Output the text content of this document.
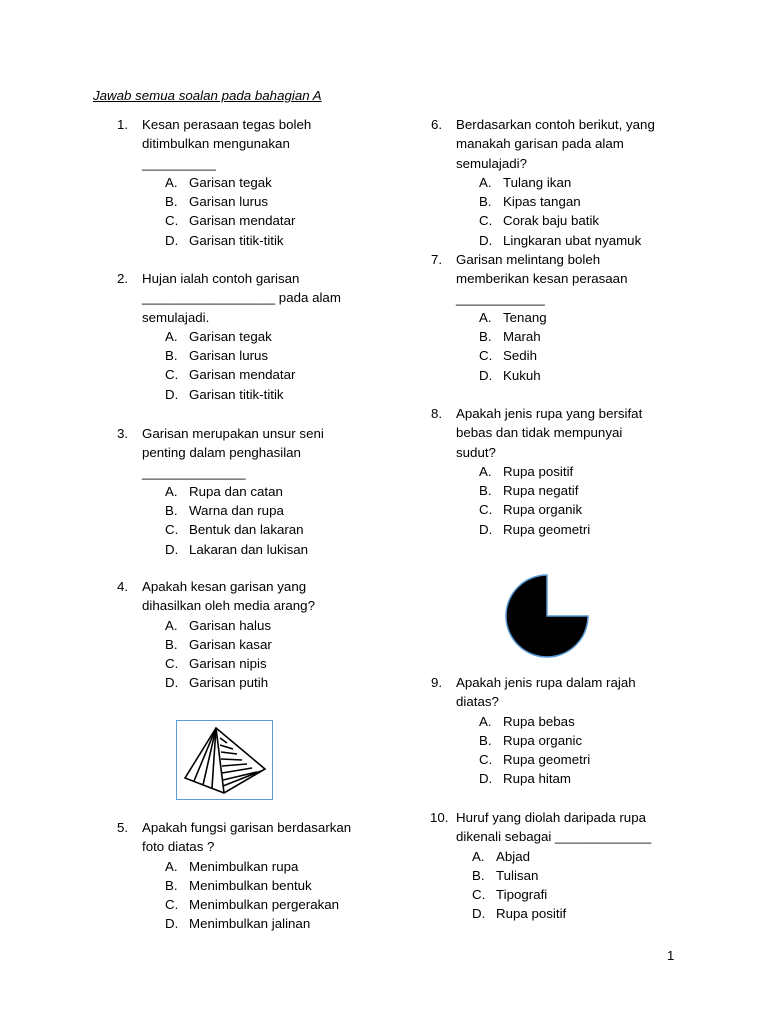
Jawab semua soalan pada bahagian A
1. Kesan perasaan tegas boleh
ditimbulkan mengunakan
__________
A. Garisan tegak
B. Garisan lurus
C. Garisan mendatar
D. Garisan titik-titik
2. Hujan ialah contoh garisan
__________________ pada alam
semulajadi.
A. Garisan tegak
B. Garisan lurus
C. Garisan mendatar
D. Garisan titik-titik
3. Garisan merupakan unsur seni
penting dalam penghasilan
______________
A. Rupa dan catan
B. Warna dan rupa
C. Bentuk dan lakaran
D. Lakaran dan lukisan
4. Apakah kesan garisan yang
dihasilkan oleh media arang?
A. Garisan halus
B. Garisan kasar
C. Garisan nipis
D. Garisan putih
5. Apakah fungsi garisan berdasarkan
foto diatas ?
A. Menimbulkan rupa
B. Menimbulkan bentuk
C. Menimbulkan pergerakan
D. Menimbulkan jalinan
6. Berdasarkan contoh berikut, yang
manakah garisan pada alam
semulajadi?
A. Tulang ikan
B. Kipas tangan
C. Corak baju batik
D. Lingkaran ubat nyamuk
7. Garisan melintang boleh
memberikan kesan perasaan
____________
A. Tenang
B. Marah
C. Sedih
D. Kukuh
8. Apakah jenis rupa yang bersifat
bebas dan tidak mempunyai
sudut?
A. Rupa positif
B. Rupa negatif
C. Rupa organik
D. Rupa geometri
9. Apakah jenis rupa dalam rajah
diatas?
A. Rupa bebas
B. Rupa organic
C. Rupa geometri
D. Rupa hitam
10. Huruf yang diolah daripada rupa
dikenali sebagai _____________
A. Abjad
B. Tulisan
C. Tipografi
D. Rupa positif
1
